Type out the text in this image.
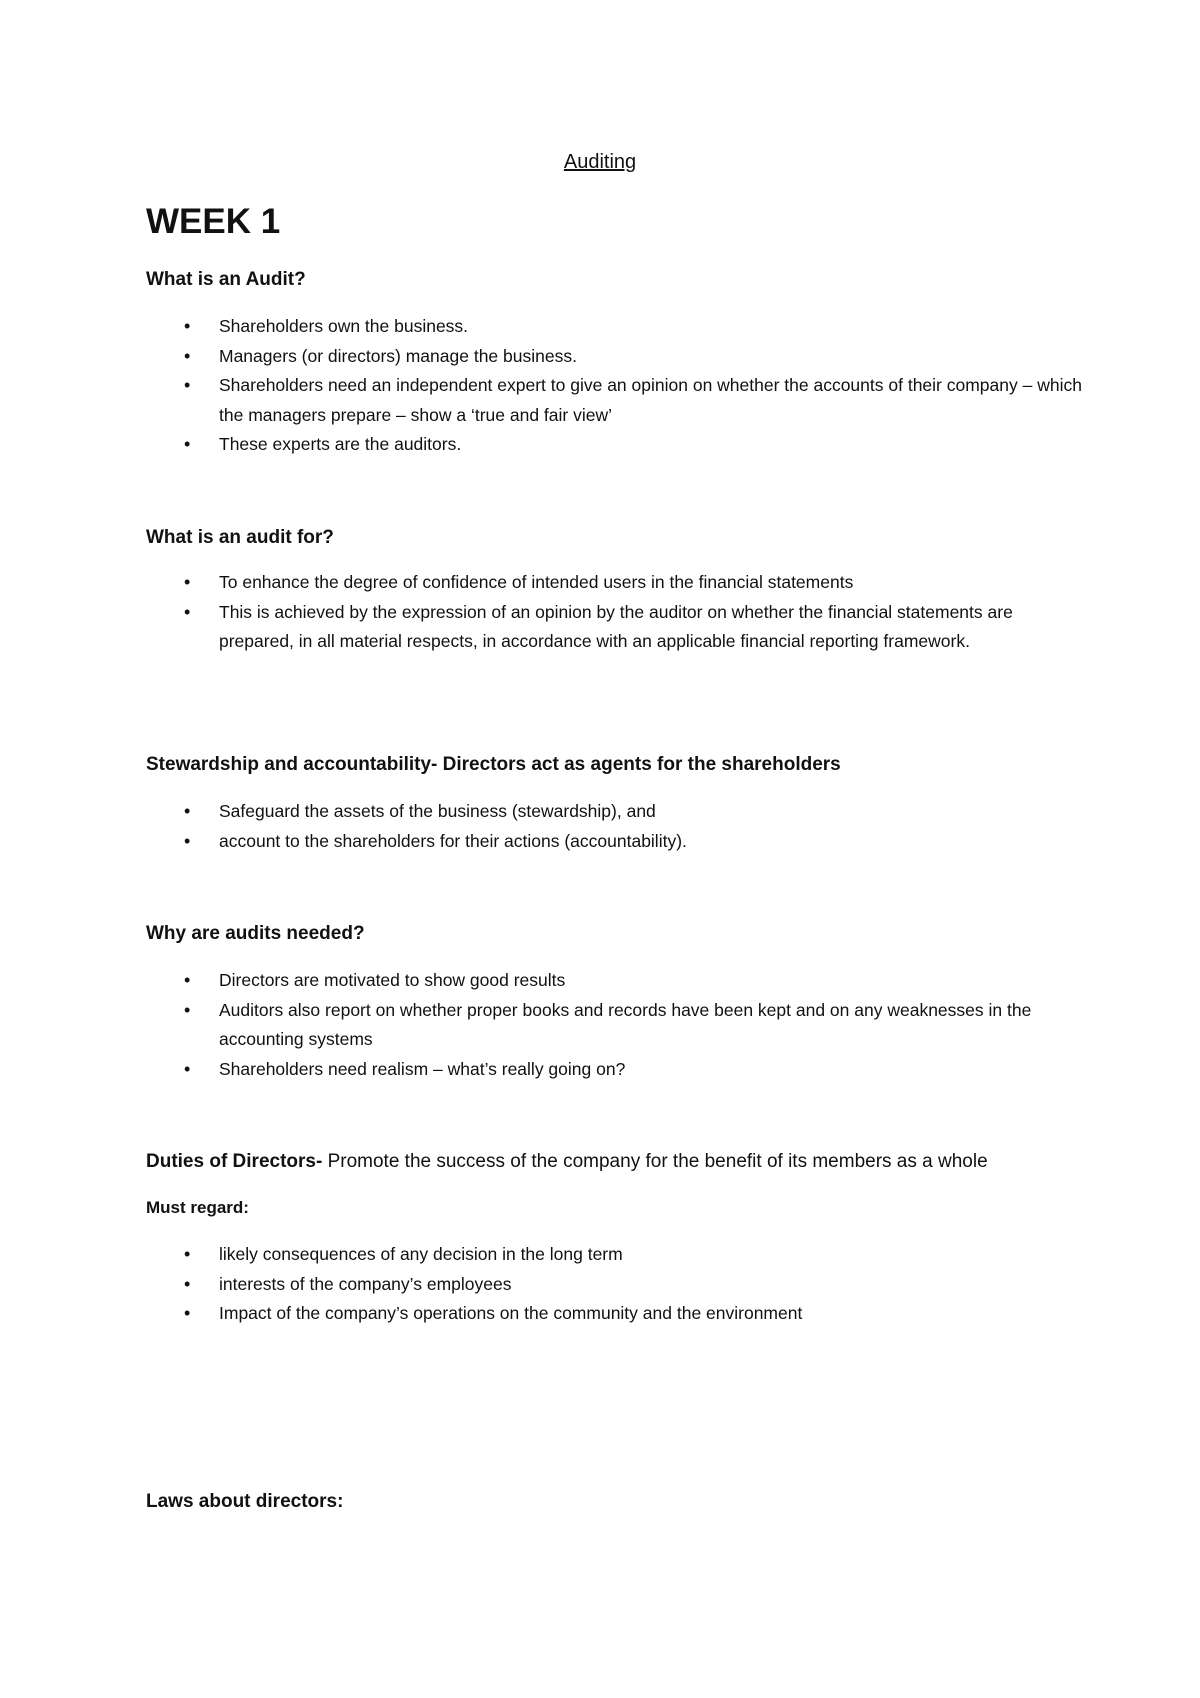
Auditing
WEEK 1
What is an Audit?
• Shareholders own the business.
• Managers (or directors) manage the business.
• Shareholders need an independent expert to give an opinion on whether the accounts of their company – which the managers prepare – show a ‘true and fair view’
• These experts are the auditors.
What is an audit for?
• To enhance the degree of confidence of intended users in the financial statements
• This is achieved by the expression of an opinion by the auditor on whether the financial statements are prepared, in all material respects, in accordance with an applicable financial reporting framework.
Stewardship and accountability- Directors act as agents for the shareholders
• Safeguard the assets of the business (stewardship), and
• account to the shareholders for their actions (accountability).
Why are audits needed?
• Directors are motivated to show good results
• Auditors also report on whether proper books and records have been kept and on any weaknesses in the accounting systems
• Shareholders need realism – what’s really going on?
Duties of Directors- Promote the success of the company for the benefit of its members as a whole
Must regard:
• likely consequences of any decision in the long term
• interests of the company’s employees
• Impact of the company’s operations on the community and the environment
Laws about directors:
